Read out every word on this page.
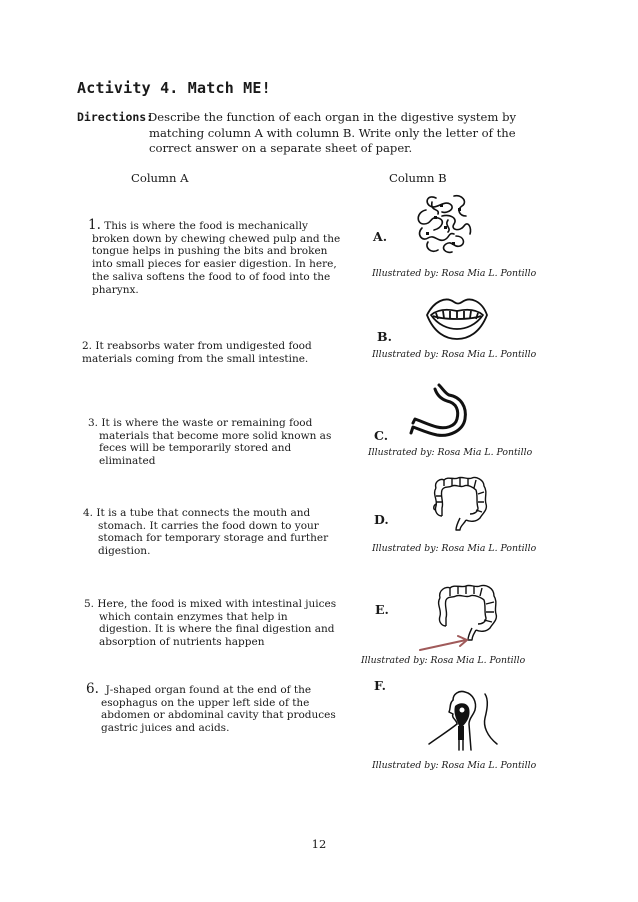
Activity 4. Match ME!
Directions:
Describe the function of each organ in the digestive system by
matching column A with column B. Write only the letter of the
correct answer on a separate sheet of paper.
Column A	Column B
1. This is where the food is mechanically
broken down by chewing chewed pulp and the
tongue helps in pushing the bits and broken
into small pieces for easier digestion. In here,
the saliva softens the food to of food into the
pharynx.
2. It reabsorbs water from undigested food
materials coming from the small intestine.
3. It is where the waste or remaining food
materials that become more solid known as
feces will be temporarily stored and
eliminated
4. It is a tube that connects the mouth and
stomach. It carries the food down to your
stomach for temporary storage and further
digestion.
5. Here, the food is mixed with intestinal juices
which contain enzymes that help in
digestion. It is where the final digestion and
absorption of nutrients happen
6. J-shaped organ found at the end of the
esophagus on the upper left side of the
abdomen or abdominal cavity that produces
gastric juices and acids.
A.
B.
C.
D.
E.
F.
Illustrated by: Rosa Mia L. Pontillo
Illustrated by: Rosa Mia L. Pontillo
Illustrated by: Rosa Mia L. Pontillo
Illustrated by: Rosa Mia L. Pontillo
Illustrated by: Rosa Mia L. Pontillo
Illustrated by: Rosa Mia L. Pontillo
12
